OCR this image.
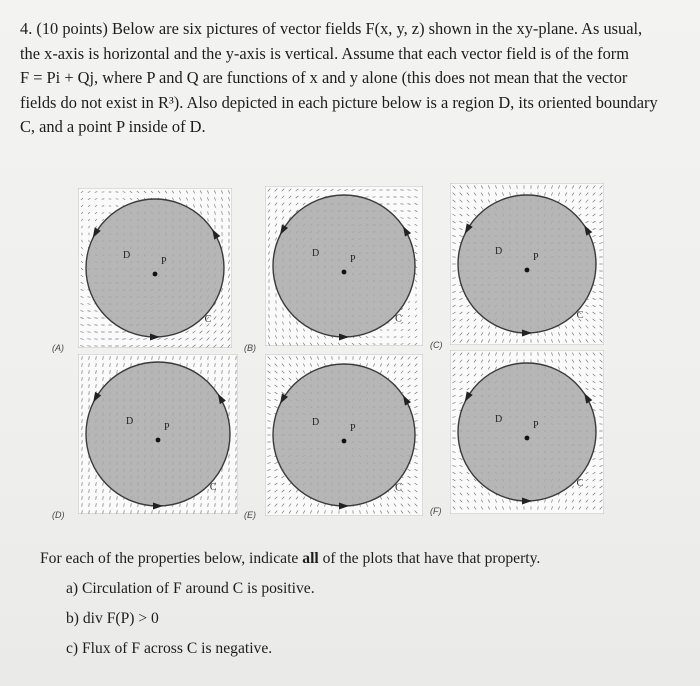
4. (10 points) Below are six pictures of vector fields F(x, y, z) shown in the xy-plane. As usual,

the x-axis is horizontal and the y-axis is vertical. Assume that each vector field is of the form

F = Pi + Qj, where P and Q are functions of x and y alone (this does not mean that the vector

fields do not exist in R³). Also depicted in each picture below is a region D, its oriented boundary

C, and a point P inside of D.

D
P
C
(A)
D
P
C
(B)
D
P
C
(C)
D
P
C
(D)
D
P
C
(E)
D
P
C
(F)

For each of the properties below, indicate all of the plots that have that property.

a) Circulation of F around C is positive.

b) div F(P) > 0

c) Flux of F across C is negative.
